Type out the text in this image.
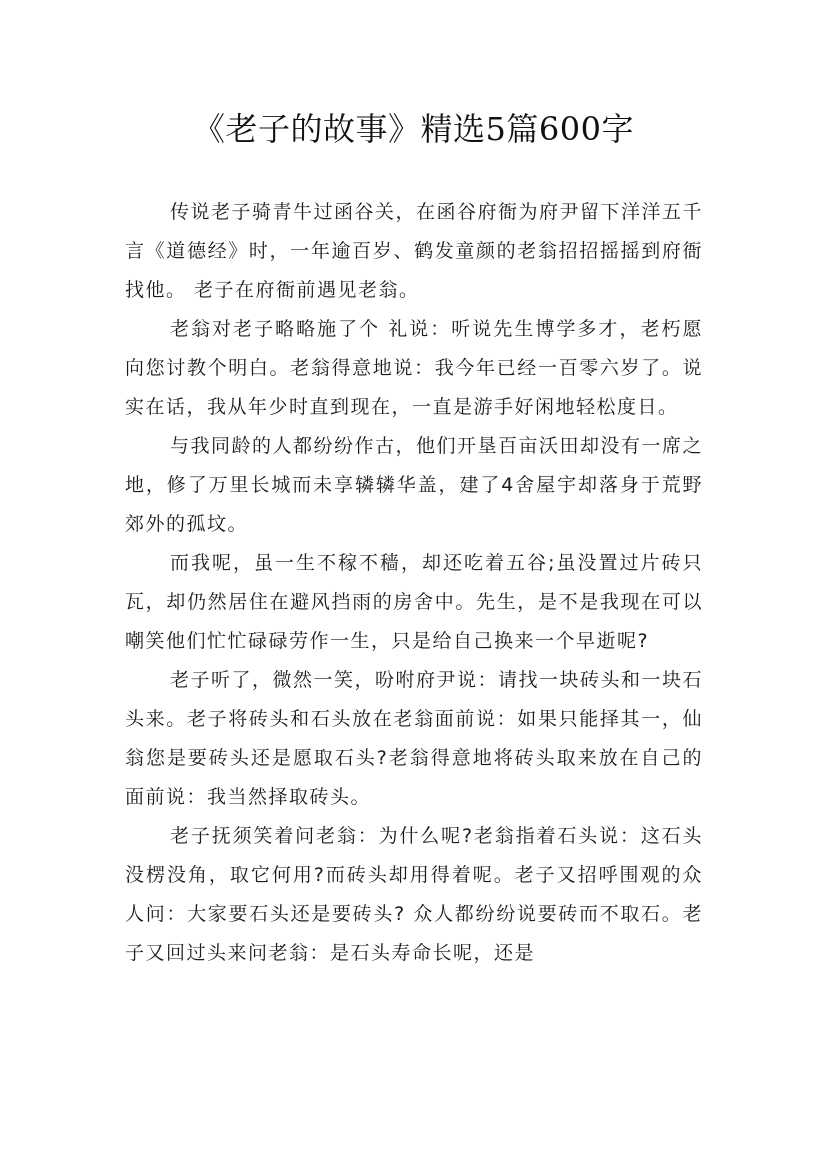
《老子的故事》精选5篇600字

传说老子骑青牛过函谷关，在函谷府衙为府尹留下洋洋五千言《道德经》时，一年逾百岁、鹤发童颜的老翁招招摇摇到府衙找他。 老子在府衙前遇见老翁。

老翁对老子略略施了个 礼说：听说先生博学多才，老朽愿向您讨教个明白。老翁得意地说：我今年已经一百零六岁了。说实在话，我从年少时直到现在，一直是游手好闲地轻松度日。

与我同龄的人都纷纷作古，他们开垦百亩沃田却没有一席之地，修了万里长城而未享辚辚华盖，建了4舍屋宇却落身于荒野郊外的孤坟。

而我呢，虽一生不稼不穑，却还吃着五谷;虽没置过片砖只瓦，却仍然居住在避风挡雨的房舍中。先生，是不是我现在可以嘲笑他们忙忙碌碌劳作一生，只是给自己换来一个早逝呢?

老子听了，微然一笑，吩咐府尹说：请找一块砖头和一块石头来。老子将砖头和石头放在老翁面前说：如果只能择其一，仙翁您是要砖头还是愿取石头?老翁得意地将砖头取来放在自己的面前说：我当然择取砖头。

老子抚须笑着问老翁：为什么呢?老翁指着石头说：这石头没楞没角，取它何用?而砖头却用得着呢。老子又招呼围观的众人问：大家要石头还是要砖头? 众人都纷纷说要砖而不取石。老子又回过头来问老翁：是石头寿命长呢，还是
